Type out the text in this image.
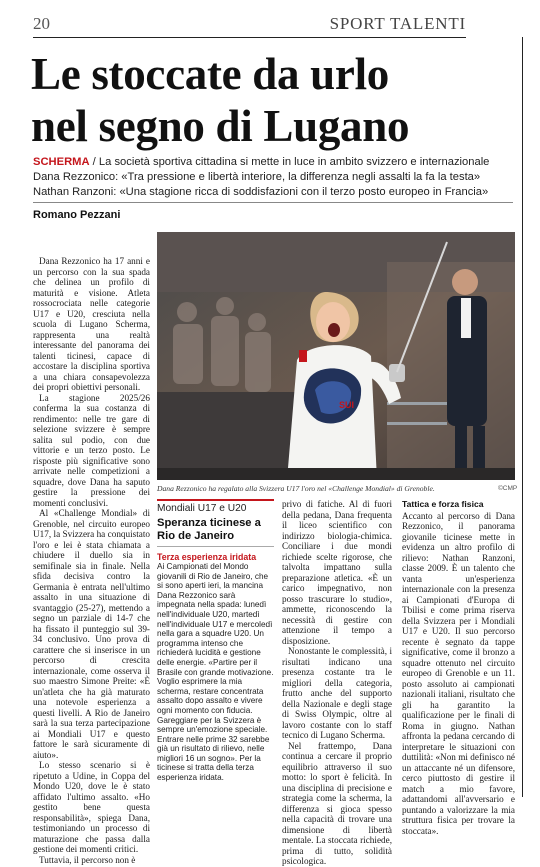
20	SPORT TALENTI
Le stoccate da urlo
nel segno di Lugano
SCHERMA / La società sportiva cittadina si mette in luce in ambito svizzero e internazionale
Dana Rezzonico: «Tra pressione e libertà interiore, la differenza negli assalti la fa la testa»
Nathan Ranzoni: «Una stagione ricca di soddisfazioni con il terzo posto europeo in Francia»
Romano Pezzani

Dana Rezzonico ha 17 anni e un percorso con la sua spada che delinea un profilo di maturità e visione. Atleta rossocrociata nelle categorie U17 e U20, cresciuta nella scuola di Lugano Scherma, rappresenta una realtà interessante del panorama dei talenti ticinesi, capace di accostare la disciplina sportiva a una chiara consapevolezza dei propri obiettivi personali.

La stagione 2025/26 conferma la sua costanza di rendimento: nelle tre gare di selezione svizzere è sempre salita sul podio, con due vittorie e un terzo posto. Le risposte più significative sono arrivate nelle competizioni a squadre, dove Dana ha saputo gestire la pressione dei momenti conclusivi.

Al «Challenge Mondial» di Grenoble, nel circuito europeo U17, la Svizzera ha conquistato l'oro e lei è stata chiamata a chiudere il duello sia in semifinale sia in finale. Nella sfida decisiva contro la Germania è entrata nell'ultimo assalto in una situazione di svantaggio (25-27), mettendo a segno un parziale di 14-7 che ha fissato il punteggio sul 39-34 conclusivo. Uno prova di carattere che si inserisce in un percorso di crescita internazionale, come osserva il suo maestro Simone Preite: «È un'atleta che ha già maturato una notevole esperienza a questi livelli. A Rio de Janeiro sarà la sua terza partecipazione ai Mondiali U17 e questo fattore le sarà sicuramente di aiuto».

Lo stesso scenario si è ripetuto a Udine, in Coppa del Mondo U20, dove le è stato affidato l'ultimo assalto. «Ho gestito bene questa responsabilità», spiega Dana, testimoniando un processo di maturazione che passa dalla gestione dei momenti critici.

Tuttavia, il percorso non è

SUI
Dana Rezzonico ha regalato alla Svizzera U17 l'oro nel «Challenge Mondial» di Grenoble.	©CMP
Mondiali U17 e U20
Speranza ticinese a Rio de Janeiro
Terza esperienza iridata
Ai Campionati del Mondo giovanili di Rio de Janeiro, che si sono aperti ieri, la mancina Dana Rezzonico sarà impegnata nella spada: lunedì nell'individuale U20, martedì nell'individuale U17 e mercoledì nella gara a squadre U20. Un programma intenso che richiederà lucidità e gestione delle energie. «Partire per il Brasile con grande motivazione. Voglio esprimere la mia scherma, restare concentrata assalto dopo assalto e vivere ogni momento con fiducia. Gareggiare per la Svizzera è sempre un'emozione speciale. Entrare nelle prime 32 sarebbe già un risultato di rilievo, nelle migliori 16 un sogno». Per la ticinese si tratta della terza esperienza iridata.

privo di fatiche. Al di fuori della pedana, Dana frequenta il liceo scientifico con indirizzo biologia-chimica. Conciliare i due mondi richiede scelte rigorose, che talvolta impattano sulla preparazione atletica. «È un carico impegnativo, non posso trascurare lo studio», ammette, riconoscendo la necessità di gestire con attenzione il tempo a disposizione.

Nonostante le complessità, i risultati indicano una presenza costante tra le migliori della categoria, frutto anche del supporto della Nazionale e degli stage di Swiss Olympic, oltre al lavoro costante con lo staff tecnico di Lugano Scherma.

Nel frattempo, Dana continua a cercare il proprio equilibrio attraverso il suo motto: lo sport è felicità. In una disciplina di precisione e strategia come la scherma, la differenza si gioca spesso nella capacità di trovare una dimensione di libertà mentale. La stoccata richiede, prima di tutto, solidità psicologica.

Tattica e forza fisica

Accanto al percorso di Dana Rezzonico, il panorama giovanile ticinese mette in evidenza un altro profilo di rilievo: Nathan Ranzoni, classe 2009. È un talento che vanta un'esperienza internazionale con la presenza ai Campionati d'Europa di Tbilisi e come prima riserva della Svizzera per i Mondiali U17 e U20. Il suo percorso recente è segnato da tappe significative, come il bronzo a squadre ottenuto nel circuito europeo di Grenoble e un 11. posto assoluto ai campionati nazionali italiani, risultato che gli ha garantito la qualificazione per le finali di Roma in giugno. Nathan affronta la pedana cercando di interpretare le situazioni con duttilità: «Non mi definisco né un attaccante né un difensore, cerco piuttosto di gestire il match a mio favore, adattandomi all'avversario e puntando a valorizzare la mia struttura fisica per trovare la stoccata».
